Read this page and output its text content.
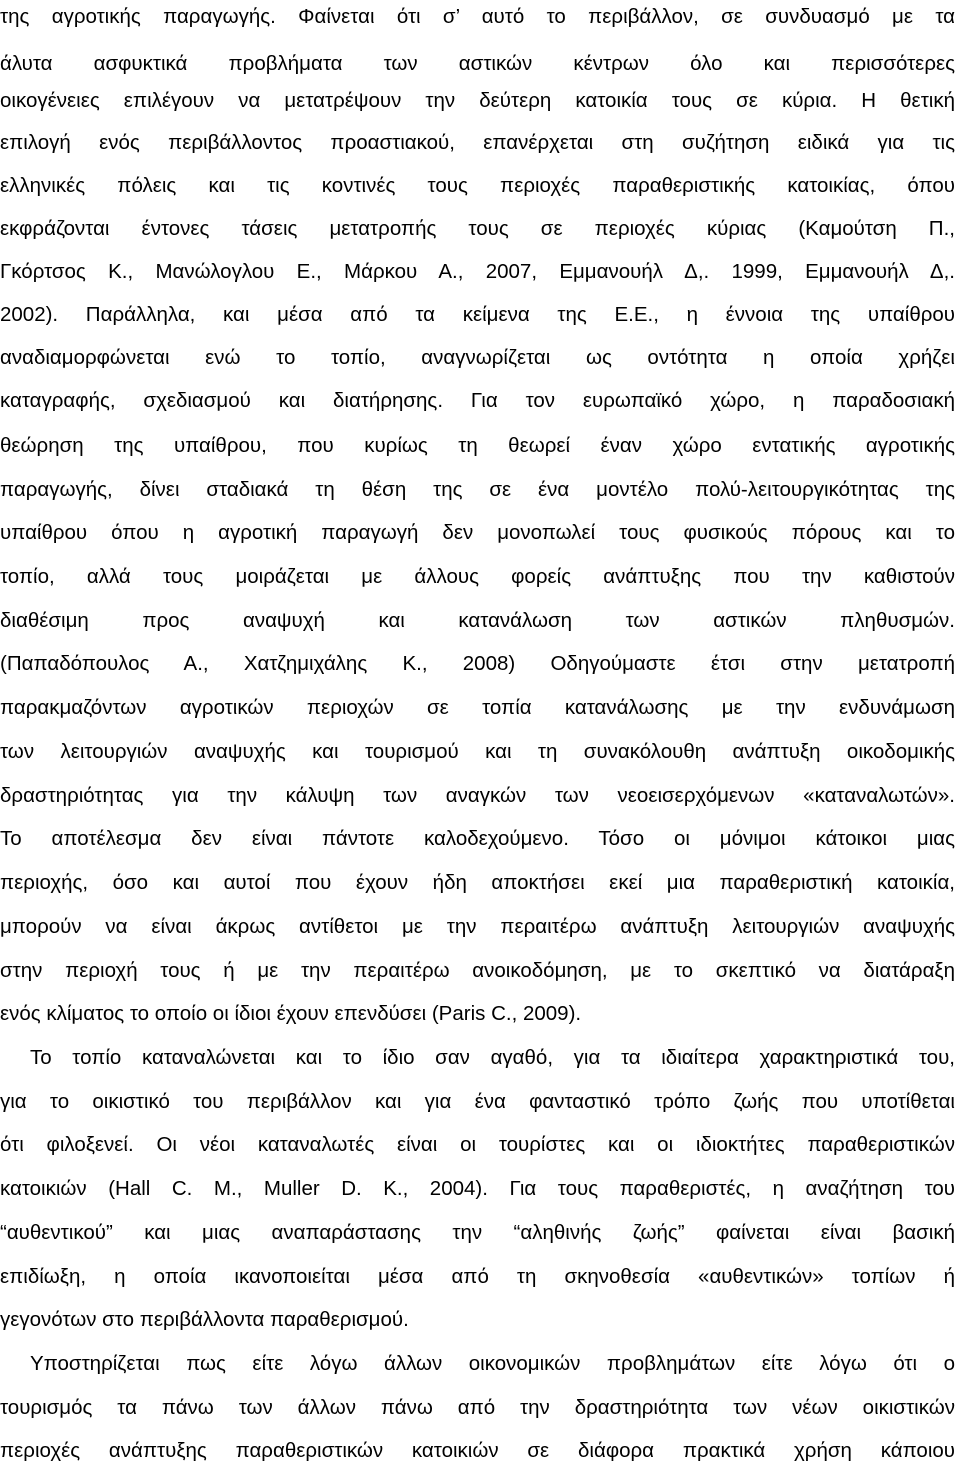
της αγροτικής παραγωγής. Φαίνεται ότι σ’ αυτό το περιβάλλον, σε συνδυασμό με τα
άλυτα ασφυκτικά προβλήματα των αστικών κέντρων όλο και περισσότερες
οικογένειες επιλέγουν να μετατρέψουν την δεύτερη κατοικία τους σε κύρια. Η θετική
επιλογή ενός περιβάλλοντος προαστιακού, επανέρχεται στη συζήτηση ειδικά για τις
ελληνικές πόλεις και τις κοντινές τους περιοχές παραθεριστικής κατοικίας, όπου
εκφράζονται έντονες τάσεις μετατροπής τους σε περιοχές κύριας (Καμούτση Π.,
Γκόρτσος Κ., Μανώλογλου Ε., Μάρκου Α., 2007, Εμμανουήλ Δ,. 1999, Εμμανουήλ Δ,.
2002). Παράλληλα, και μέσα από τα κείμενα της Ε.Ε., η έννοια της υπαίθρου
αναδιαμορφώνεται ενώ το τοπίο, αναγνωρίζεται ως οντότητα η οποία χρήζει
καταγραφής, σχεδιασμού και διατήρησης. Για τον ευρωπαϊκό χώρο, η παραδοσιακή
θεώρηση της υπαίθρου, που κυρίως τη θεωρεί έναν χώρο εντατικής αγροτικής
παραγωγής, δίνει σταδιακά τη θέση της σε ένα μοντέλο πολύ-λειτουργικότητας της
υπαίθρου όπου η αγροτική παραγωγή δεν μονοπωλεί τους φυσικούς πόρους και το
τοπίο, αλλά τους μοιράζεται με άλλους φορείς ανάπτυξης που την καθιστούν
διαθέσιμη προς αναψυχή και κατανάλωση των αστικών πληθυσμών.
(Παπαδόπουλος Α., Χατζημιχάλης Κ., 2008) Οδηγούμαστε έτσι στην μετατροπή
παρακμαζόντων αγροτικών περιοχών σε τοπία κατανάλωσης με την ενδυνάμωση
των λειτουργιών αναψυχής και τουρισμού και τη συνακόλουθη ανάπτυξη οικοδομικής
δραστηριότητας για την κάλυψη των αναγκών των νεοεισερχόμενων «καταναλωτών».
Το αποτέλεσμα δεν είναι πάντοτε καλοδεχούμενο. Τόσο οι μόνιμοι κάτοικοι μιας
περιοχής, όσο και αυτοί που έχουν ήδη αποκτήσει εκεί μια παραθεριστική κατοικία,
μπορούν να είναι άκρως αντίθετοι με την περαιτέρω ανάπτυξη λειτουργιών αναψυχής
στην περιοχή τους ή με την περαιτέρω ανοικοδόμηση, με το σκεπτικό να διατάραξη
ενός κλίματος το οποίο οι ίδιοι έχουν επενδύσει (Paris C., 2009).
Το τοπίο καταναλώνεται και το ίδιο σαν αγαθό, για τα ιδιαίτερα χαρακτηριστικά του,
για το οικιστικό του περιβάλλον και για ένα φανταστικό τρόπο ζωής που υποτίθεται
ότι φιλοξενεί. Οι νέοι καταναλωτές είναι οι τουρίστες και οι ιδιοκτήτες παραθεριστικών
κατοικιών (Hall C. M., Muller D. K., 2004). Για τους παραθεριστές, η αναζήτηση του
“αυθεντικού” και μιας αναπαράστασης την “αληθινής ζωής” φαίνεται είναι βασική
επιδίωξη, η οποία ικανοποιείται μέσα από τη σκηνοθεσία «αυθεντικών» τοπίων ή
γεγονότων στο περιβάλλοντα παραθερισμού.
Υποστηρίζεται πως είτε λόγω άλλων οικονομικών προβλημάτων είτε λόγω ότι ο
τουρισμός τα πάνω των άλλων πάνω από την δραστηριότητα των νέων οικιστικών
περιοχές ανάπτυξης παραθεριστικών κατοικιών σε διάφορα πρακτικά χρήση κάποιου
